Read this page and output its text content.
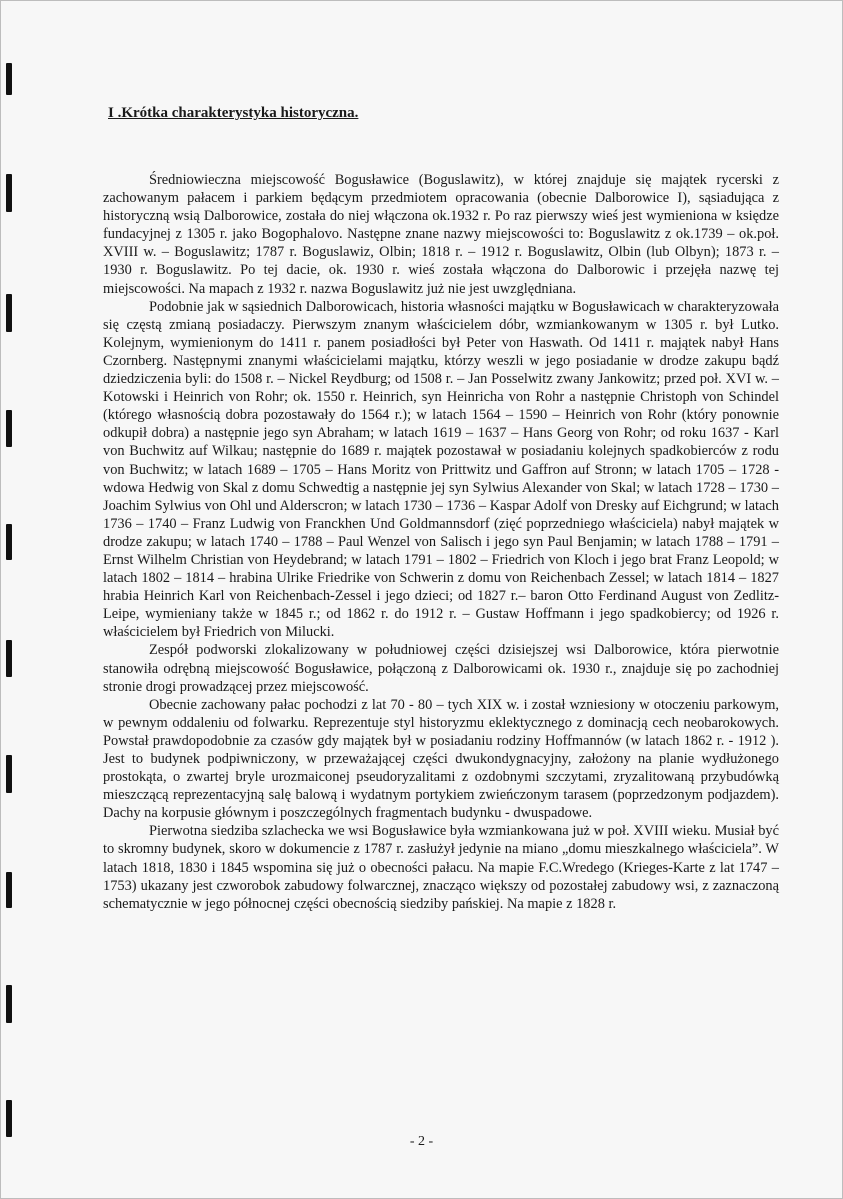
I .Krótka charakterystyka historyczna.

Średniowieczna miejscowość Bogusławice (Boguslawitz), w której znajduje się majątek rycerski z zachowanym pałacem i parkiem będącym przedmiotem opracowania (obecnie Dalborowice I), sąsiadująca z historyczną wsią Dalborowice, została do niej włączona ok.1932 r. Po raz pierwszy wieś jest wymieniona w księdze fundacyjnej z 1305 r. jako Bogophalovo. Następne znane nazwy miejscowości to: Boguslawitz z ok.1739 – ok.poł. XVIII w. – Boguslawitz; 1787 r. Boguslawiz, Olbin; 1818 r. – 1912 r. Boguslawitz, Olbin (lub Olbyn); 1873 r. – 1930 r. Boguslawitz. Po tej dacie, ok. 1930 r. wieś została włączona do Dalborowic i przejęła nazwę tej miejscowości. Na mapach z 1932 r. nazwa Boguslawitz już nie jest uwzględniana.

Podobnie jak w sąsiednich Dalborowicach, historia własności majątku w Bogusławicach w charakteryzowała się częstą zmianą posiadaczy. Pierwszym znanym właścicielem dóbr, wzmiankowanym w 1305 r. był Lutko. Kolejnym, wymienionym do 1411 r. panem posiadłości był Peter von Haswath. Od 1411 r. majątek nabył Hans Czornberg. Następnymi znanymi właścicielami majątku, którzy weszli w jego posiadanie w drodze zakupu bądź dziedziczenia byli: do 1508 r. – Nickel Reydburg; od 1508 r. – Jan Posselwitz zwany Jankowitz; przed poł. XVI w. –Kotowski i Heinrich von Rohr; ok. 1550 r. Heinrich, syn Heinricha von Rohr a następnie Christoph von Schindel (którego własnością dobra pozostawały do 1564 r.); w latach 1564 – 1590 – Heinrich von Rohr (który ponownie odkupił dobra) a następnie jego syn Abraham; w latach 1619 – 1637 – Hans Georg von Rohr; od roku 1637 - Karl von Buchwitz auf Wilkau; następnie do 1689 r. majątek pozostawał w posiadaniu kolejnych spadkobierców z rodu von Buchwitz; w latach 1689 – 1705 – Hans Moritz von Prittwitz und Gaffron auf Stronn; w latach 1705 – 1728 - wdowa Hedwig von Skal z domu Schwedtig a następnie jej syn Sylwius Alexander von Skal; w latach 1728 – 1730 – Joachim Sylwius von Ohl und Alderscron; w latach 1730 – 1736 – Kaspar Adolf von Dresky auf Eichgrund; w latach 1736 – 1740 – Franz Ludwig von Franckhen Und Goldmannsdorf (zięć poprzedniego właściciela) nabył majątek w drodze zakupu; w latach 1740 – 1788 – Paul Wenzel von Salisch i jego syn Paul Benjamin; w latach 1788 – 1791 – Ernst Wilhelm Christian von Heydebrand; w latach 1791 – 1802 – Friedrich von Kloch i jego brat Franz Leopold; w latach 1802 – 1814 – hrabina Ulrike Friedrike von Schwerin z domu von Reichenbach Zessel; w latach 1814 – 1827 hrabia Heinrich Karl von Reichenbach-Zessel i jego dzieci; od 1827 r.– baron Otto Ferdinand August von Zedlitz-Leipe, wymieniany także w 1845 r.; od 1862 r. do 1912 r. – Gustaw Hoffmann i jego spadkobiercy; od 1926 r. właścicielem był Friedrich von Milucki.

Zespół podworski zlokalizowany w południowej części dzisiejszej wsi Dalborowice, która pierwotnie stanowiła odrębną miejscowość Bogusławice, połączoną z Dalborowicami ok. 1930 r., znajduje się po zachodniej stronie drogi prowadzącej przez miejscowość.

Obecnie zachowany pałac pochodzi z lat 70 - 80 – tych XIX w. i został wzniesiony w otoczeniu parkowym, w pewnym oddaleniu od folwarku. Reprezentuje styl historyzmu eklektycznego z dominacją cech neobarokowych. Powstał prawdopodobnie za czasów gdy majątek był w posiadaniu rodziny Hoffmannów (w latach 1862 r. - 1912 ). Jest to budynek podpiwniczony, w przeważającej części dwukondygnacyjny, założony na planie wydłużonego prostokąta, o zwartej bryle urozmaiconej pseudoryzalitami z ozdobnymi szczytami, zryzalitowaną przybudówką mieszczącą reprezentacyjną salę balową i wydatnym portykiem zwieńczonym tarasem (poprzedzonym podjazdem). Dachy na korpusie głównym i poszczególnych fragmentach budynku - dwuspadowe.

Pierwotna siedziba szlachecka we wsi Bogusławice była wzmiankowana już w poł. XVIII wieku. Musiał być to skromny budynek, skoro w dokumencie z 1787 r. zasłużył jedynie na miano „domu mieszkalnego właściciela”. W latach 1818, 1830 i 1845 wspomina się już o obecności pałacu. Na mapie F.C.Wredego (Krieges-Karte z lat 1747 – 1753) ukazany jest czworobok zabudowy folwarcznej, znacząco większy od pozostałej zabudowy wsi, z zaznaczoną schematycznie w jego północnej części obecnością siedziby pańskiej. Na mapie z 1828 r.

- 2 -
